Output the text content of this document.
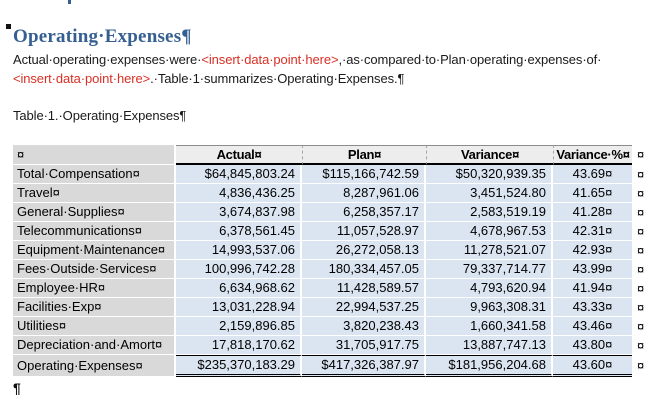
Operating·Expenses¶

Actual·operating·expenses·were·<insert·data·point·here>,·as·compared·to·Plan·operating·expenses·of·
<insert·data·point·here>.·Table·1·summarizes·Operating·Expenses.¶

Table·1.·Operating·Expenses¶

¤	Actual¤	Plan¤	Variance¤	Variance·%¤	¤
Total·Compensation¤	$64,845,803.24	$115,166,742.59	$50,320,939.35	43.69¤	¤
Travel¤	4,836,436.25	8,287,961.06	3,451,524.80	41.65¤	¤
General·Supplies¤	3,674,837.98	6,258,357.17	2,583,519.19	41.28¤	¤
Telecommunications¤	6,378,561.45	11,057,528.97	4,678,967.53	42.31¤	¤
Equipment·Maintenance¤	14,993,537.06	26,272,058.13	11,278,521.07	42.93¤	¤
Fees·Outside·Services¤	100,996,742.28	180,334,457.05	79,337,714.77	43.99¤	¤
Employee·HR¤	6,634,968.62	11,428,589.57	4,793,620.94	41.94¤	¤
Facilities·Exp¤	13,031,228.94	22,994,537.25	9,963,308.31	43.33¤	¤
Utilities¤	2,159,896.85	3,820,238.43	1,660,341.58	43.46¤	¤
Depreciation·and·Amort¤	17,818,170.62	31,705,917.75	13,887,747.13	43.80¤	¤
Operating·Expenses¤	$235,370,183.29	$417,326,387.97	$181,956,204.68	43.60¤	¤
¶
